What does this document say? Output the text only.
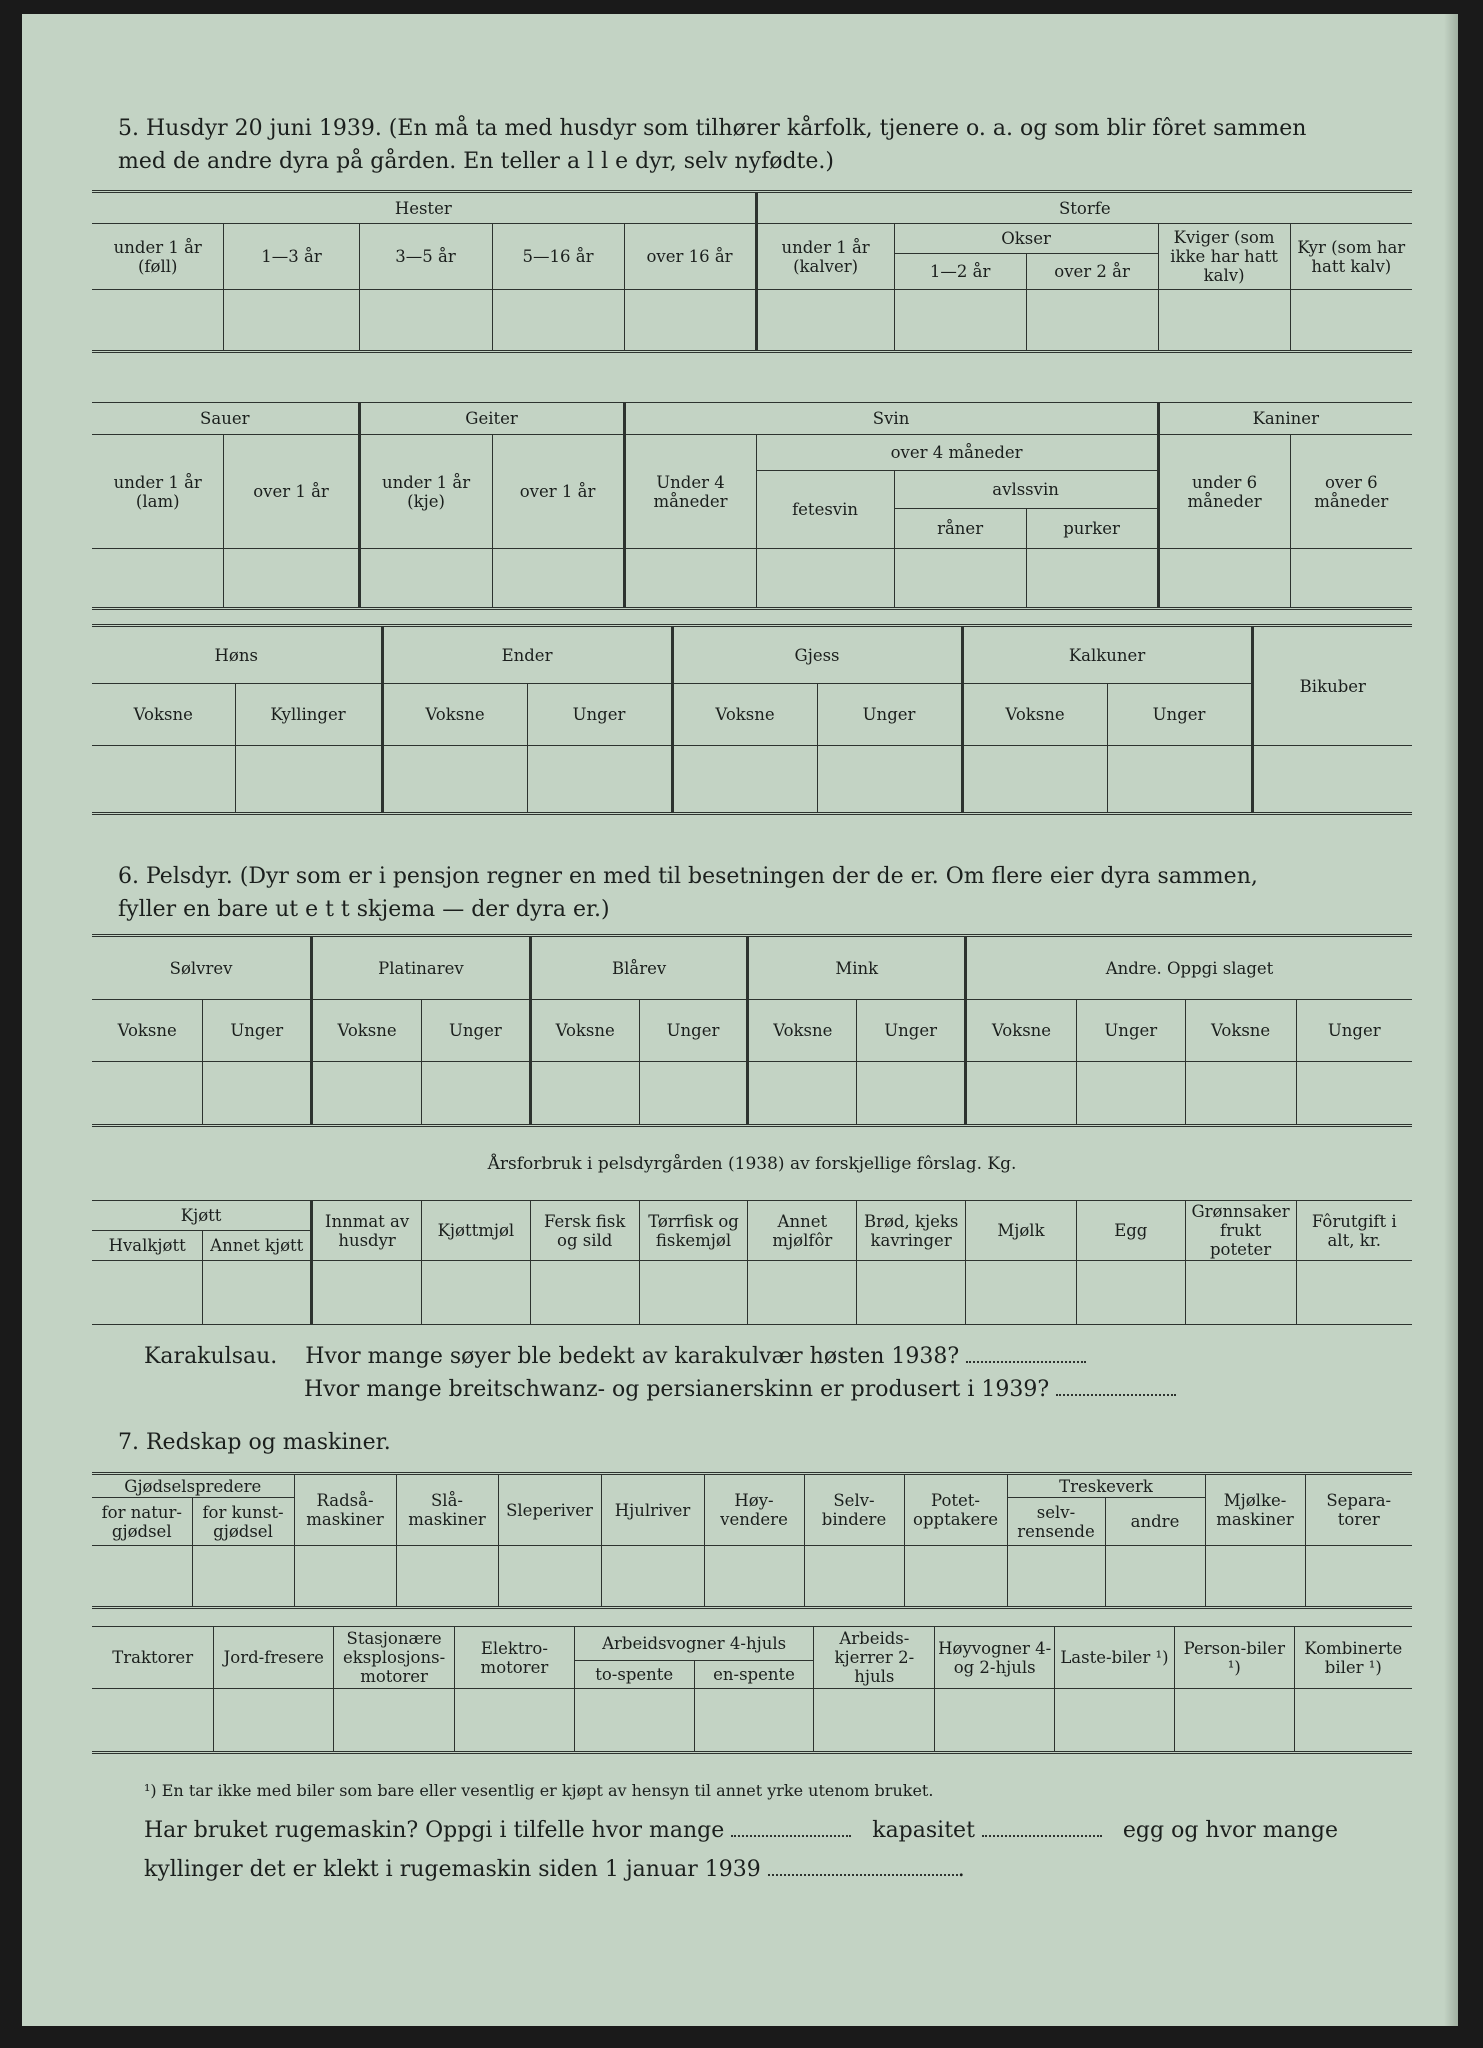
5. Husdyr 20 juni 1939. (En må ta med husdyr som tilhører kårfolk, tjenere o. a. og som blir fôret sammen
med de andre dyra på gården. En teller a l l e dyr, selv nyfødte.)
Hester					Storfe				
under 1 år (føll)	1—3 år	3—5 år	5—16 år	over 16 år	under 1 år (kalver)	Okser		Kviger (som ikke har hatt kalv)	Kyr (som har hatt kalv)
						1—2 år	over 2 år		

Sauer		Geiter		Svin				Kaniner	
under 1 år (lam)	over 1 år	under 1 år (kje)	over 1 år	Under 4 måneder	over 4 måneder			under 6 måneder	over 6 måneder
					fetesvin	avlssvin			
						råner	purker		

Høns		Ender		Gjess		Kalkuner		Bikuber
Voksne	Kyllinger	Voksne	Unger	Voksne	Unger	Voksne	Unger	

6. Pelsdyr. (Dyr som er i pensjon regner en med til besetningen der de er. Om flere eier dyra sammen,
fyller en bare ut e t t skjema — der dyra er.)
Sølvrev		Platinarev		Blårev		Mink		Andre. Oppgi slaget			
Voksne	Unger	Voksne	Unger	Voksne	Unger	Voksne	Unger	Voksne	Unger	Voksne	Unger

Årsforbruk i pelsdyrgården (1938) av forskjellige fôrslag. Kg.
Kjøtt		Innmat av husdyr	Kjøttmjøl	Fersk fisk og sild	Tørrfisk og fiskemjøl	Annet mjølfôr	Brød, kjeks kavringer	Mjølk	Egg	Grønnsaker frukt poteter	Fôrutgift i alt, kr.
Hvalkjøtt	Annet kjøtt										

Karakulsau. Hvor mange søyer ble bedekt av karakulvær høsten 1938?
Hvor mange breitschwanz- og persianerskinn er produsert i 1939?
7. Redskap og maskiner.
Gjødselspredere		Radså-maskiner	Slå-maskiner	Sleperiver	Hjulriver	Høy-vendere	Selv-bindere	Potet-opptakere	Treskeverk		Mjølke-maskiner	Separa-torer
for natur-gjødsel	for kunst-gjødsel								selv-rensende	andre		

Traktorer	Jord-freserе	Stasjonære eksplosjons-motorer	Elektro-motorer	Arbeidsvogner 4-hjuls		Arbeids-kjerrer 2-hjuls	Høyvogner 4- og 2-hjuls	Laste-biler ¹)	Person-biler ¹)	Kombinerte biler ¹)
				to-spente	en-spente					

¹) En tar ikke med biler som bare eller vesentlig er kjøpt av hensyn til annet yrke utenom bruket.
Har bruket rugemaskin? Oppgi i tilfelle hvor mange	kapasitet	egg og hvor mange
kyllinger det er klekt i rugemaskin siden 1 januar 1939	.
